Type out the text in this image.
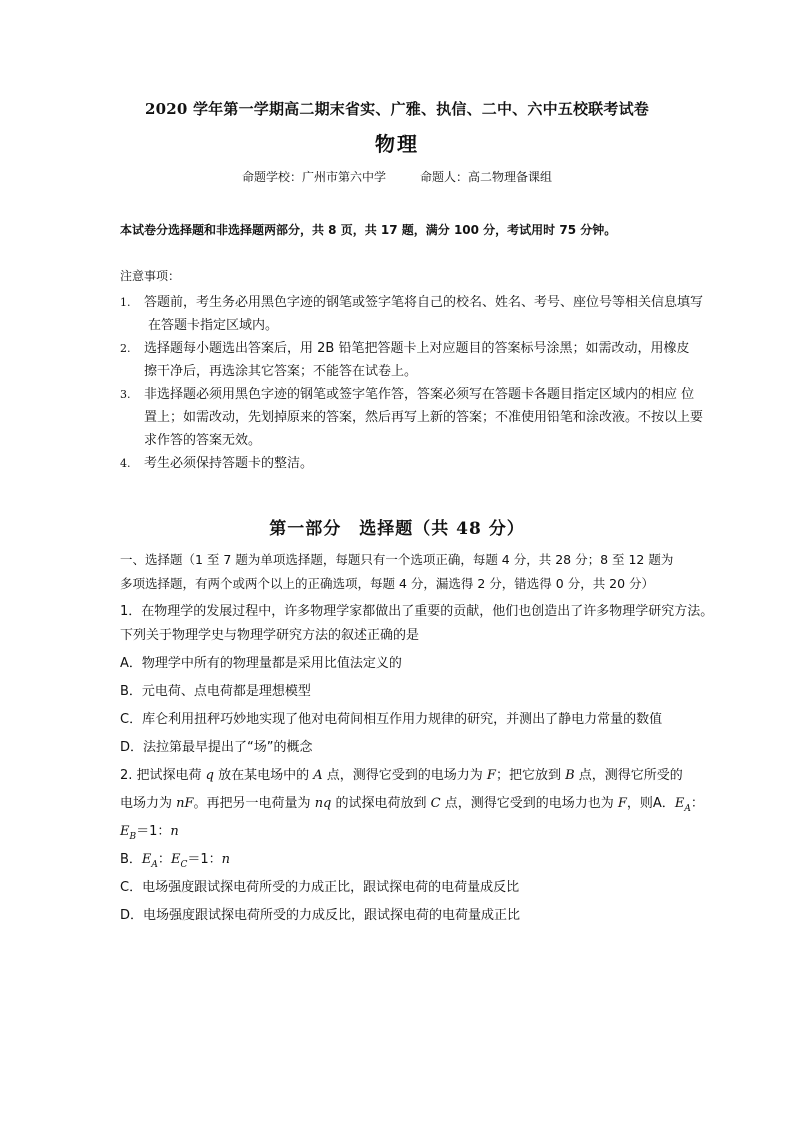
2020 学年第一学期高二期末省实、广雅、执信、二中、六中五校联考试卷
物理
命题学校：广州市第六中学	命题人：高二物理备课组
本试卷分选择题和非选择题两部分，共 8 页，共 17 题，满分 100 分，考试用时 75 分钟。
注意事项：
1. 答题前，考生务必用黑色字迹的钢笔或签字笔将自己的校名、姓名、考号、座位号等相关信息填写
在答题卡指定区域内。
2. 选择题每小题选出答案后，用 2B 铅笔把答题卡上对应题目的答案标号涂黑；如需改动，用橡皮
擦干净后，再选涂其它答案；不能答在试卷上。
3. 非选择题必须用黑色字迹的钢笔或签字笔作答，答案必须写在答题卡各题目指定区域内的相应 位
置上；如需改动，先划掉原来的答案，然后再写上新的答案；不准使用铅笔和涂改液。不按以上要
求作答的答案无效。
4. 考生必须保持答题卡的整洁。
第一部分　选择题（共 48 分）
一、选择题（1 至 7 题为单项选择题，每题只有一个选项正确，每题 4 分，共 28 分；8 至 12 题为
多项选择题，有两个或两个以上的正确选项，每题 4 分，漏选得 2 分，错选得 0 分，共 20 分）
1．在物理学的发展过程中，许多物理学家都做出了重要的贡献，他们也创造出了许多物理学研究方法。
下列关于物理学史与物理学研究方法的叙述正确的是
A．物理学中所有的物理量都是采用比值法定义的
B．元电荷、点电荷都是理想模型
C．库仑利用扭秤巧妙地实现了他对电荷间相互作用力规律的研究，并测出了静电力常量的数值
D．法拉第最早提出了“场”的概念
2. 把试探电荷 q 放在某电场中的 A 点，测得它受到的电场力为 F；把它放到 B 点，测得它所受的
电场力为 nF。再把另一电荷量为 nq 的试探电荷放到 C 点，测得它受到的电场力也为 F，则A．$E_A$：
$E_B=1$：n
B．$E_A$：$E_C=1$：n
C．电场强度跟试探电荷所受的力成正比，跟试探电荷的电荷量成反比
D．电场强度跟试探电荷所受的力成反比，跟试探电荷的电荷量成正比
